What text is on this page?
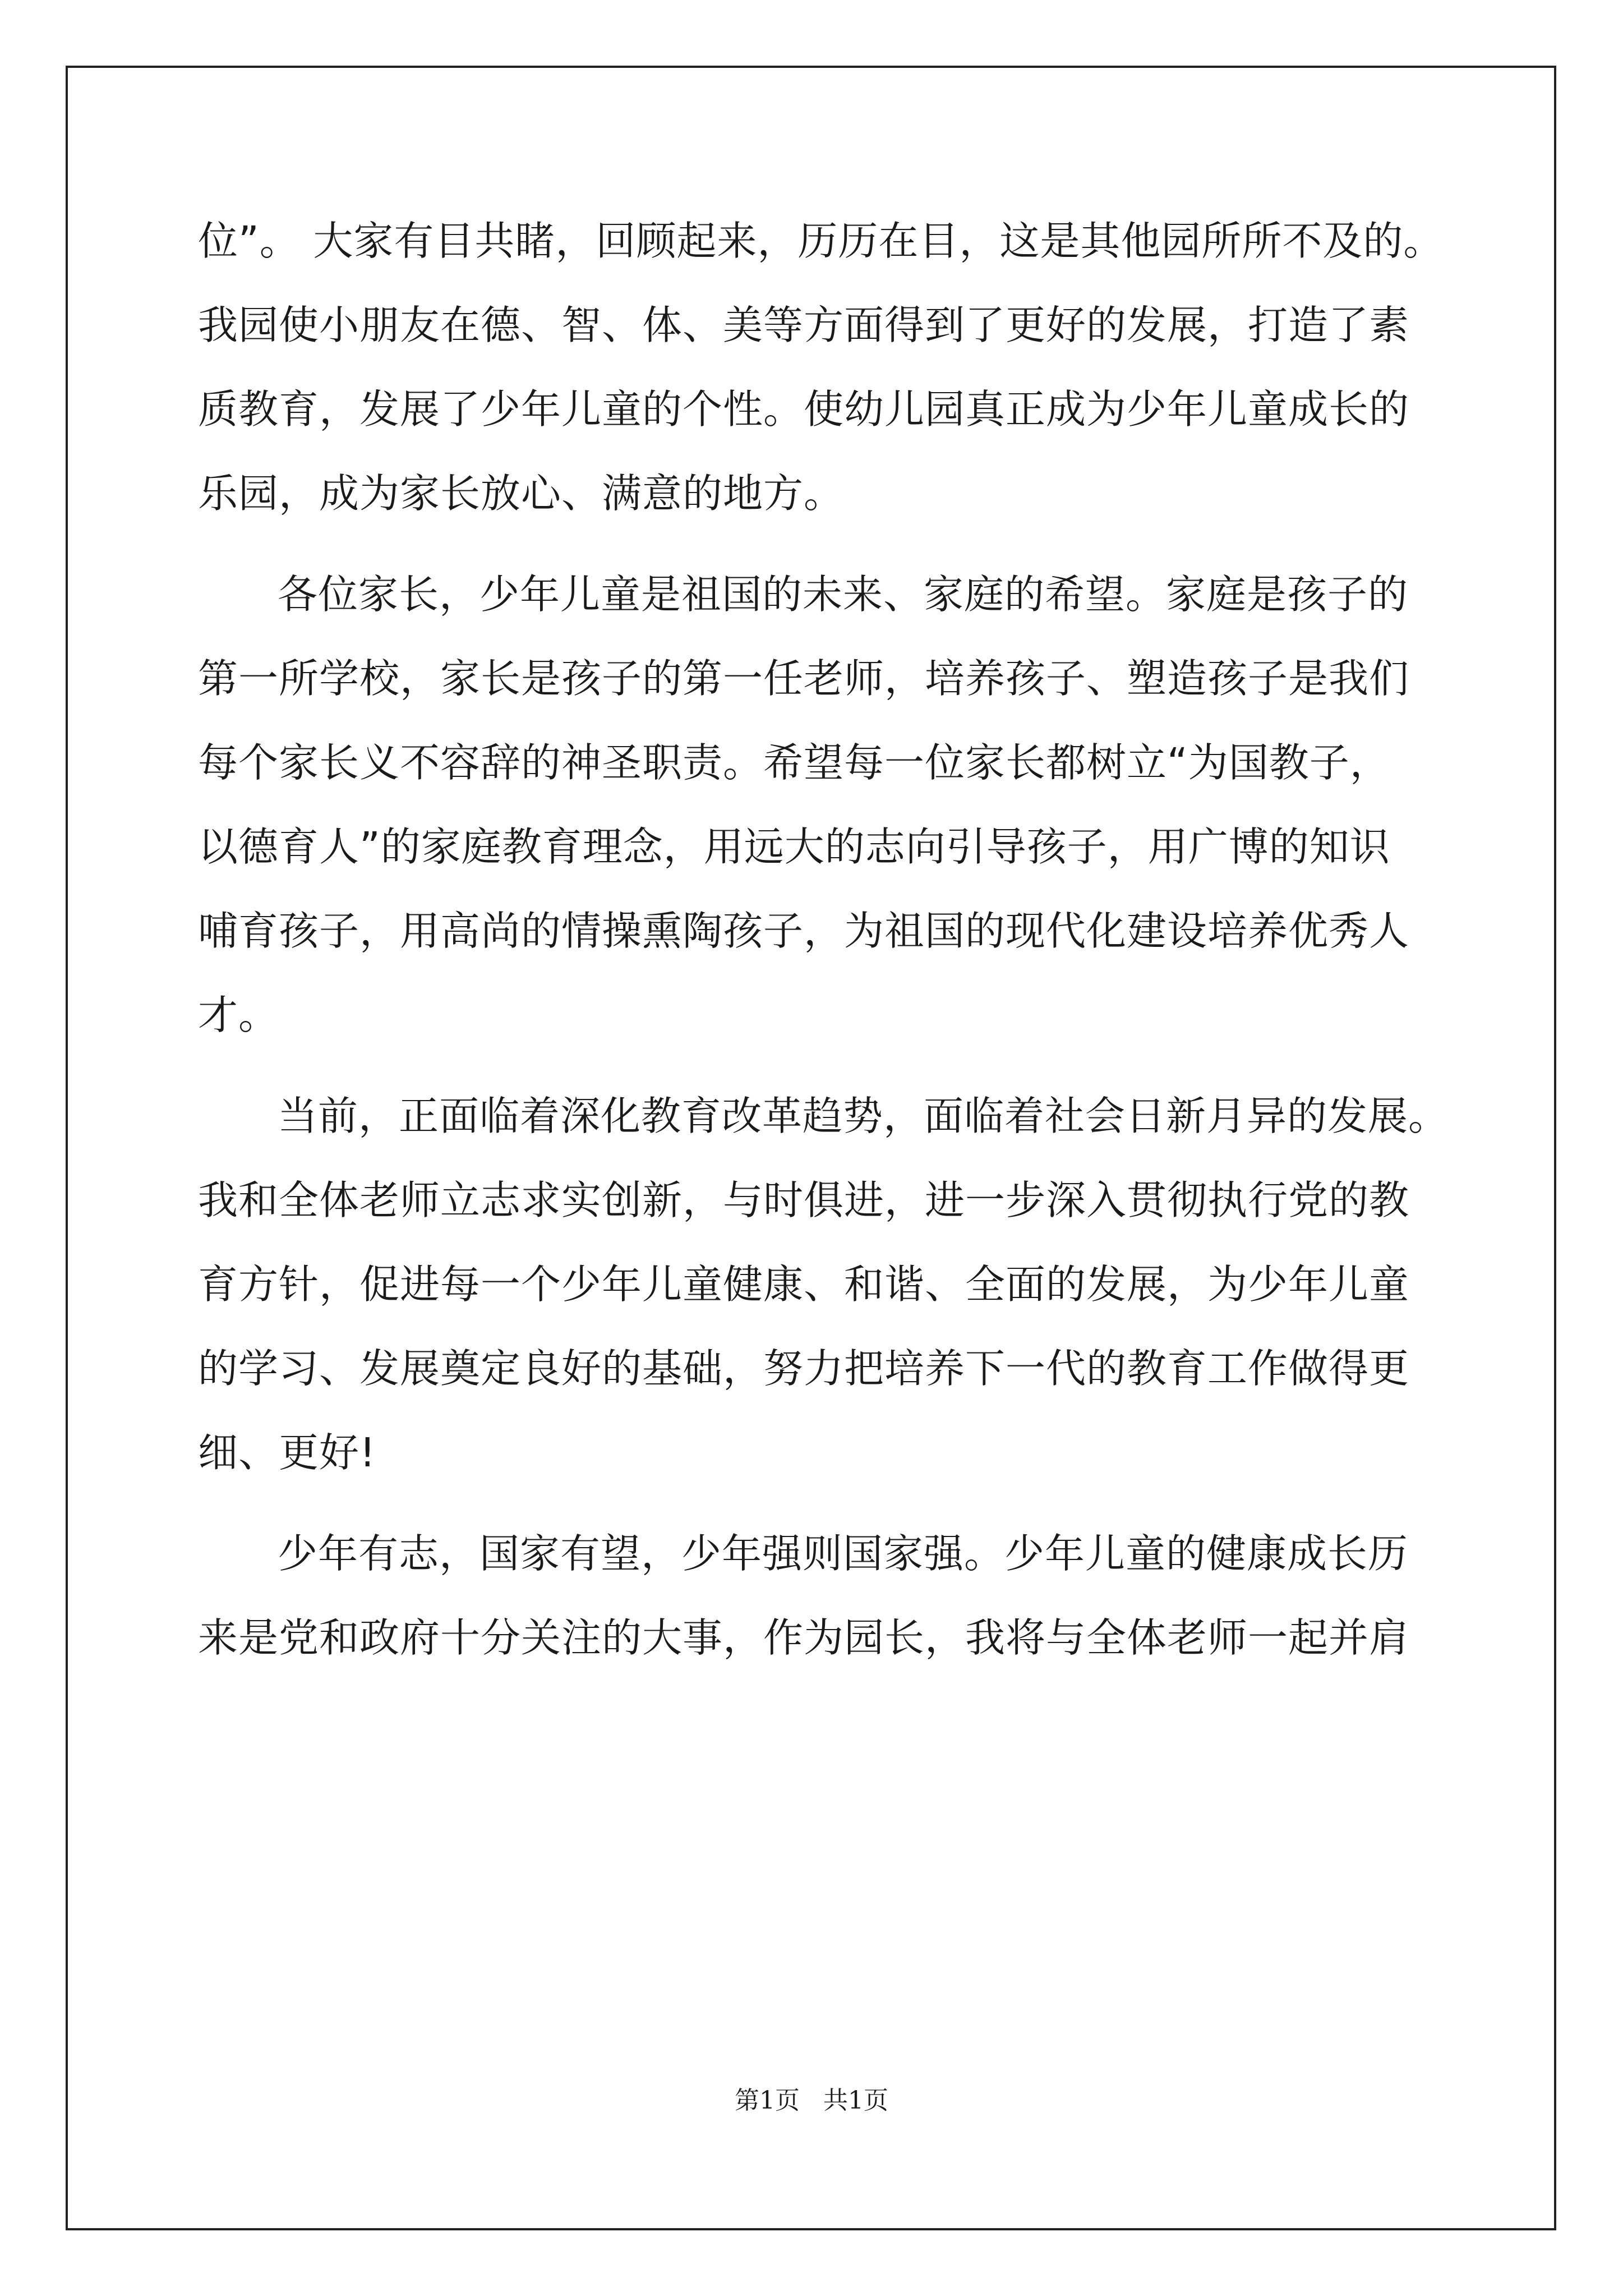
位”。 大家有目共睹，回顾起来，历历在目，这是其他园所所不及的。
我园使小朋友在德、智、体、美等方面得到了更好的发展，打造了素
质教育，发展了少年儿童的个性。使幼儿园真正成为少年儿童成长的
乐园，成为家长放心、满意的地方。
各位家长，少年儿童是祖国的未来、家庭的希望。家庭是孩子的
第一所学校，家长是孩子的第一任老师，培养孩子、塑造孩子是我们
每个家长义不容辞的神圣职责。希望每一位家长都树立“为国教子，
以德育人”的家庭教育理念，用远大的志向引导孩子，用广博的知识
哺育孩子，用高尚的情操熏陶孩子，为祖国的现代化建设培养优秀人
才。
当前，正面临着深化教育改革趋势，面临着社会日新月异的发展。
我和全体老师立志求实创新，与时俱进，进一步深入贯彻执行党的教
育方针，促进每一个少年儿童健康、和谐、全面的发展，为少年儿童
的学习、发展奠定良好的基础，努力把培养下一代的教育工作做得更
细、更好!
少年有志，国家有望，少年强则国家强。少年儿童的健康成长历
来是党和政府十分关注的大事，作为园长，我将与全体老师一起并肩
第1页 共1页
